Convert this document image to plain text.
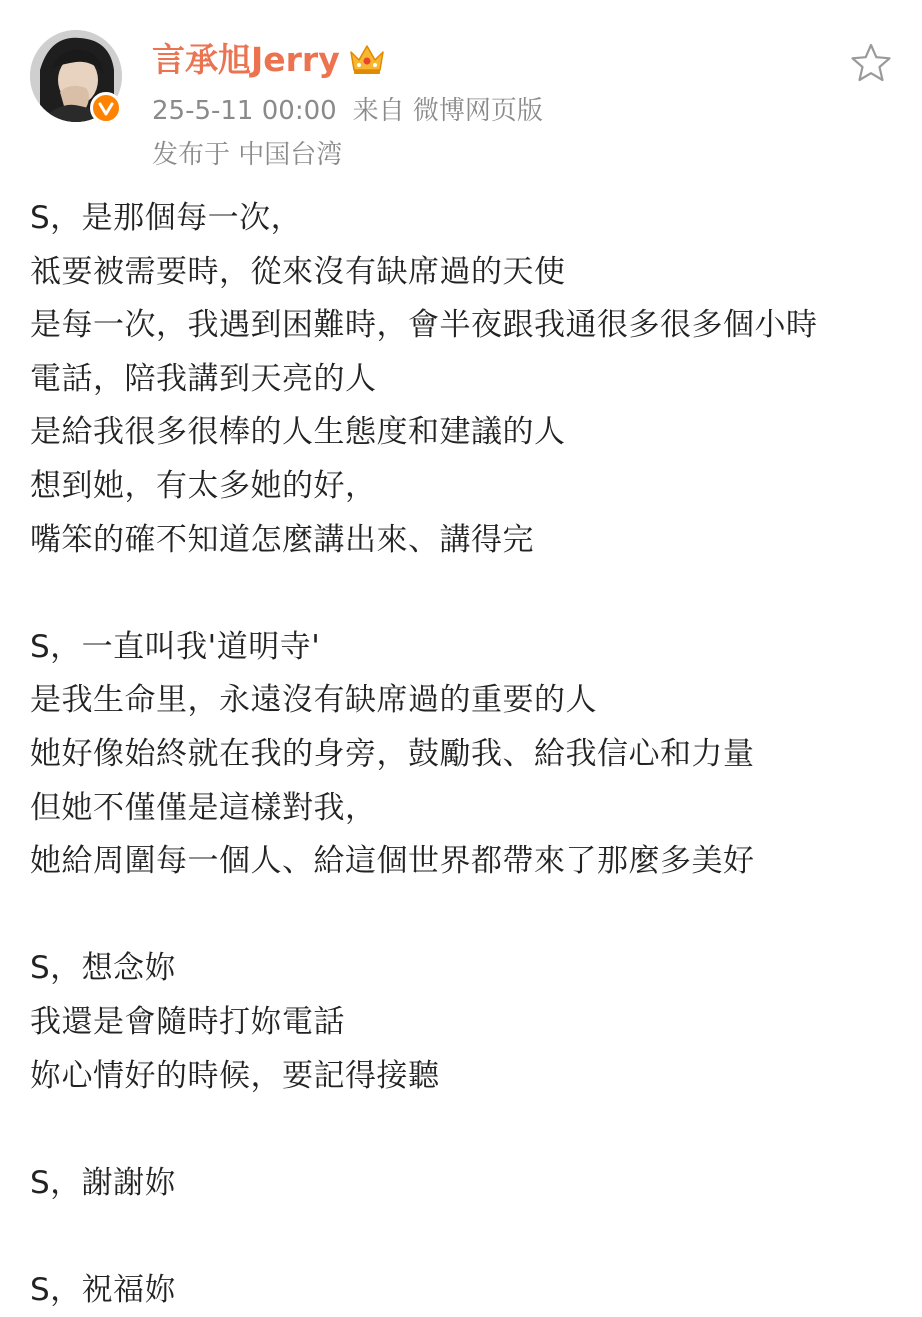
言承旭Jerry
25-5-11 00:00 来自 微博网页版
发布于 中国台湾
S，是那個每一次，
祗要被需要時，從來沒有缺席過的天使
是每一次，我遇到困難時，會半夜跟我通很多很多個小時
電話，陪我講到天亮的人
是給我很多很棒的人生態度和建議的人
想到她，有太多她的好，
嘴笨的確不知道怎麼講出來、講得完
S，一直叫我'道明寺'
是我生命里，永遠沒有缺席過的重要的人
她好像始終就在我的身旁，鼓勵我、給我信心和力量
但她不僅僅是這樣對我，
她給周圍每一個人、給這個世界都帶來了那麼多美好
S，想念妳
我還是會隨時打妳電話
妳心情好的時候，要記得接聽
S，謝謝妳
S，祝福妳
